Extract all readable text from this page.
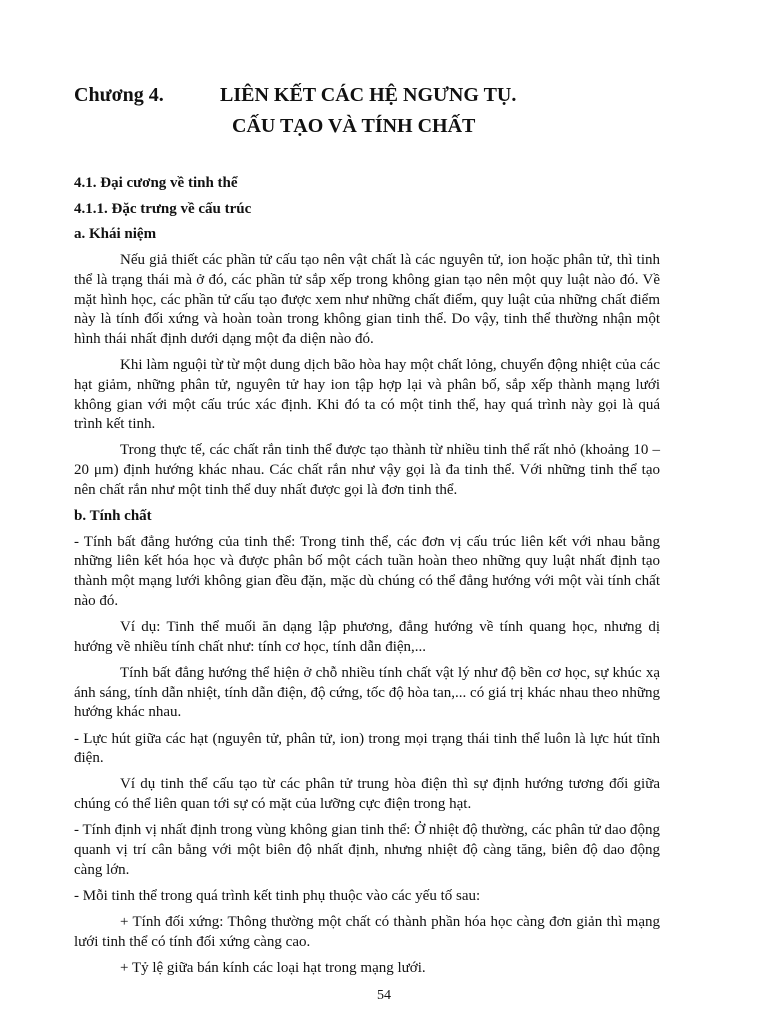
Chương 4.	LIÊN KẾT CÁC HỆ NGƯNG TỤ.
CẤU TẠO VÀ TÍNH CHẤT
4.1. Đại cương về tinh thể
4.1.1. Đặc trưng về cấu trúc
a. Khái niệm

Nếu giả thiết các phần tử cấu tạo nên vật chất là các nguyên tử, ion hoặc phân tử, thì tinh thể là trạng thái mà ở đó, các phần tử sắp xếp trong không gian tạo nên một quy luật nào đó. Về mặt hình học, các phần tử cấu tạo được xem như những chất điểm, quy luật của những chất điểm này là tính đối xứng và hoàn toàn trong không gian tinh thể. Do vậy, tinh thể thường nhận một hình thái nhất định dưới dạng một đa diện nào đó.

Khi làm nguội từ từ một dung dịch bão hòa hay một chất lỏng, chuyển động nhiệt của các hạt giảm, những phân tử, nguyên tử hay ion tập hợp lại và phân bố, sắp xếp thành mạng lưới không gian với một cấu trúc xác định. Khi đó ta có một tinh thể, hay quá trình này gọi là quá trình kết tinh.

Trong thực tế, các chất rắn tinh thể được tạo thành từ nhiều tinh thể rất nhỏ (khoảng 10 – 20 μm) định hướng khác nhau. Các chất rắn như vậy gọi là đa tinh thể. Với những tinh thể tạo nên chất rắn như một tinh thể duy nhất được gọi là đơn tinh thể.

b. Tính chất

- Tính bất đẳng hướng của tinh thể: Trong tinh thể, các đơn vị cấu trúc liên kết với nhau bằng những liên kết hóa học và được phân bố một cách tuần hoàn theo những quy luật nhất định tạo thành một mạng lưới không gian đều đặn, mặc dù chúng có thể đẳng hướng với một vài tính chất nào đó.

Ví dụ: Tinh thể muối ăn dạng lập phương, đẳng hướng về tính quang học, nhưng dị hướng về nhiều tính chất như: tính cơ học, tính dẫn điện,...

Tính bất đẳng hướng thể hiện ở chỗ nhiều tính chất vật lý như độ bền cơ học, sự khúc xạ ánh sáng, tính dẫn nhiệt, tính dẫn điện, độ cứng, tốc độ hòa tan,... có giá trị khác nhau theo những hướng khác nhau.

- Lực hút giữa các hạt (nguyên tử, phân tử, ion) trong mọi trạng thái tinh thể luôn là lực hút tĩnh điện.

Ví dụ tinh thể cấu tạo từ các phân tử trung hòa điện thì sự định hướng tương đối giữa chúng có thể liên quan tới sự có mặt của lưỡng cực điện trong hạt.

- Tính định vị nhất định trong vùng không gian tinh thể: Ở nhiệt độ thường, các phân tử dao động quanh vị trí cân bằng với một biên độ nhất định, nhưng nhiệt độ càng tăng, biên độ dao động càng lớn.

- Mỗi tinh thể trong quá trình kết tinh phụ thuộc vào các yếu tố sau:

+ Tính đối xứng: Thông thường một chất có thành phần hóa học càng đơn giản thì mạng lưới tinh thể có tính đối xứng càng cao.

+ Tỷ lệ giữa bán kính các loại hạt trong mạng lưới.

54
